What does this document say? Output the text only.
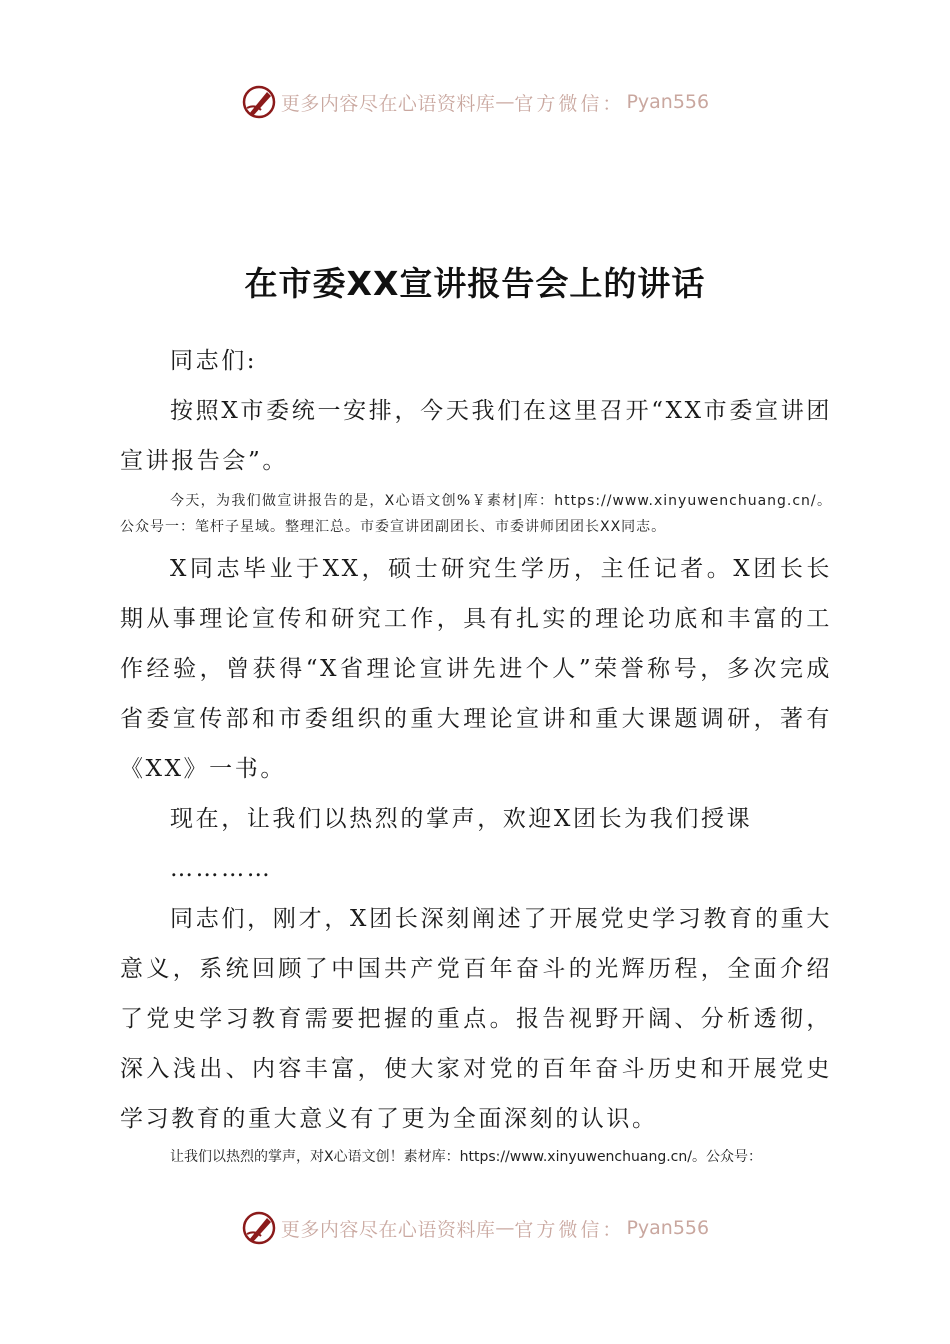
更多内容尽在心语资料库 — 官方微信： Pyan556
在市委XX宣讲报告会上的讲话

同志们:

按照X市委统一安排，今天我们在这里召开“XX市委宣讲团宣讲报告会”。

今天，为我们做宣讲报告的是，X心语文创%￥素材|库：https://www.xinyuwenchuang.cn/。公众号一：笔杆子星域。整理汇总。市委宣讲团副团长、市委讲师团团长XX同志。

X同志毕业于XX，硕士研究生学历，主任记者。X团长长期从事理论宣传和研究工作，具有扎实的理论功底和丰富的工作经验，曾获得“X省理论宣讲先进个人”荣誉称号，多次完成省委宣传部和市委组织的重大理论宣讲和重大课题调研，著有《XX》一书。

现在，让我们以热烈的掌声，欢迎X团长为我们授课

…………

同志们，刚才，X团长深刻阐述了开展党史学习教育的重大意义，系统回顾了中国共产党百年奋斗的光辉历程，全面介绍了党史学习教育需要把握的重点。报告视野开阔、分析透彻，深入浅出、内容丰富，使大家对党的百年奋斗历史和开展党史学习教育的重大意义有了更为全面深刻的认识。

让我们以热烈的掌声，对X心语文创！素材库：https://www.xinyuwenchuang.cn/。公众号：

更多内容尽在心语资料库 — 官方微信： Pyan556
